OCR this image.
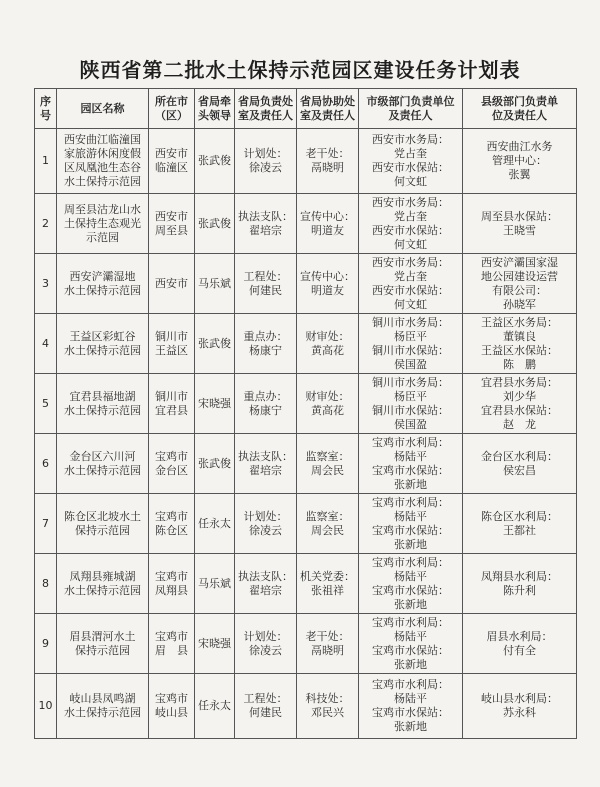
陕西省第二批水土保持示范园区建设任务计划表
序
号	园区名称	所在市
（区）	省局牵
头领导	省局负责处
室及责任人	省局协助处
室及责任人	市级部门负责单位
及责任人	县级部门负责单
位及责任人
1	西安曲江临潼国
家旅游休闲度假
区凤凰池生态谷
水土保持示范园	西安市
临潼区	张武俊	计划处：
徐凌云	老干处：
鬲晓明	西安市水务局：
党占奎
西安市水保站：
何文虹	西安曲江水务
管理中心：
张翼
2	周至县沽龙山水
土保持生态观光
示范园	西安市
周至县	张武俊	执法支队：
翟培宗	宣传中心：
明道友	西安市水务局：
党占奎
西安市水保站：
何文虹	周至县水保站：
王晓雪
3	西安浐灞湿地
水土保持示范园	西安市	马乐斌	工程处：
何建民	宣传中心：
明道友	西安市水务局：
党占奎
西安市水保站：
何文虹	西安浐灞国家湿
地公园建设运营
有限公司：
孙晓军
4	王益区彩虹谷
水土保持示范园	铜川市
王益区	张武俊	重点办：
杨康宁	财审处：
黄高花	铜川市水务局：
杨臣平
铜川市水保站：
侯国盈	王益区水务局：
董镇良
王益区水保站：
陈　鹏
5	宜君县福地湖
水土保持示范园	铜川市
宜君县	宋晓强	重点办：
杨康宁	财审处：
黄高花	铜川市水务局：
杨臣平
铜川市水保站：
侯国盈	宜君县水务局：
刘少华
宜君县水保站：
赵　龙
6	金台区六川河
水土保持示范园	宝鸡市
金台区	张武俊	执法支队：
翟培宗	监察室：
周会民	宝鸡市水利局：
杨陆平
宝鸡市水保站：
张新地	金台区水利局：
侯宏昌
7	陈仓区北坡水土
保持示范园	宝鸡市
陈仓区	任永太	计划处：
徐凌云	监察室：
周会民	宝鸡市水利局：
杨陆平
宝鸡市水保站：
张新地	陈仓区水利局：
王都社
8	凤翔县雍城湖
水土保持示范园	宝鸡市
凤翔县	马乐斌	执法支队：
翟培宗	机关党委：
张祖祥	宝鸡市水利局：
杨陆平
宝鸡市水保站：
张新地	凤翔县水利局：
陈升利
9	眉县渭河水土
保持示范园	宝鸡市
眉　县	宋晓强	计划处：
徐凌云	老干处：
鬲晓明	宝鸡市水利局：
杨陆平
宝鸡市水保站：
张新地	眉县水利局：
付有全
10	岐山县凤鸣湖
水土保持示范园	宝鸡市
岐山县	任永太	工程处：
何建民	科技处：
邓民兴	宝鸡市水利局：
杨陆平
宝鸡市水保站：
张新地	岐山县水利局：
苏永科
